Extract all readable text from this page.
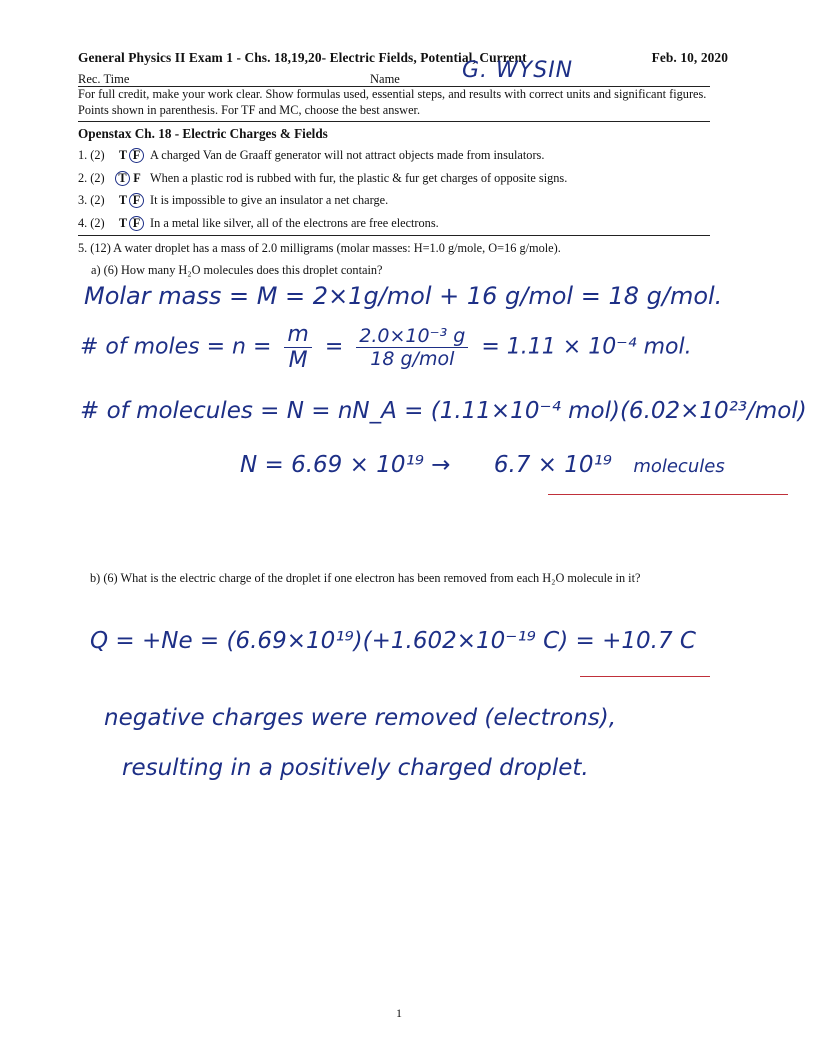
General Physics II Exam 1 - Chs. 18,19,20- Electric Fields, Potential, Current	Feb. 10, 2020
Rec. Time	Name	G. WYSIN
For full credit, make your work clear. Show formulas used, essential steps, and results with correct units and significant figures. Points shown in parenthesis. For TF and MC, choose the best answer.
Openstax Ch. 18 - Electric Charges & Fields
1. (2) T F A charged Van de Graaff generator will not attract objects made from insulators.
2. (2) T F When a plastic rod is rubbed with fur, the plastic & fur get charges of opposite signs.
3. (2) T F It is impossible to give an insulator a net charge.
4. (2) T F In a metal like silver, all of the electrons are free electrons.
5. (12) A water droplet has a mass of 2.0 milligrams (molar masses: H=1.0 g/mole, O=16 g/mole).
a) (6) How many H₂O molecules does this droplet contain?
Molar mass = M = 2×1g/mol + 16 g/mol = 18 g/mol.
# of moles = $n = \frac{m}{M} = \frac{\text{2.0×10⁻³ g}}{\text{18 g/mol}} = 1.11 \times 10^{-4}$ mol.
# of molecules = N = nN_A = (1.11×10⁻⁴ mol)(6.02×10²³/mol)
N = 6.69 × 10¹⁹ → 6.7 × 10¹⁹ molecules
b) (6) What is the electric charge of the droplet if one electron has been removed from each H₂O molecule in it?
Q = +Ne = (6.69×10¹⁹)(+1.602×10⁻¹⁹ C) = +10.7 C
negative charges were removed (electrons),
resulting in a positively charged droplet.
1
